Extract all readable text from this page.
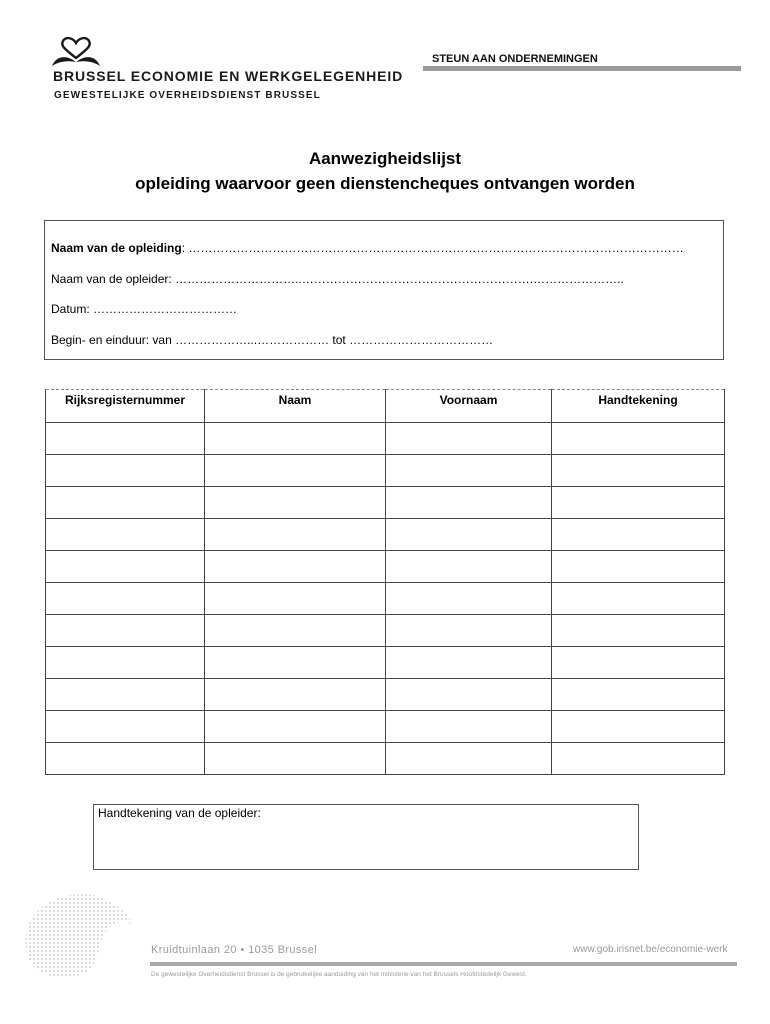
BRUSSEL ECONOMIE EN WERKGELEGENHEID
GEWESTELIJKE OVERHEIDSDIENST BRUSSEL
STEUN AAN ONDERNEMINGEN
Aanwezigheidslijst
opleiding waarvoor geen dienstencheques ontvangen worden
Naam van de opleiding: ……………………………………………………………………………….……………………………
Naam van de opleider: …………………………..………………………………………………….…………………..
Datum: ………………………………
Begin- en einduur: van ………………...……………… tot ………………………………
Rijksregisternummer	Naam	Voornaam	Handtekening

Handtekening van de opleider:
Kruidtuinlaan 20 • 1035 Brussel	www.gob.irisnet.be/economie-werk
De gewestelijke Overheidsdienst Brussel is de gebruikelijke aanduiding van het ministerie van het Brussels Hoofdstedelijk Gewest.
